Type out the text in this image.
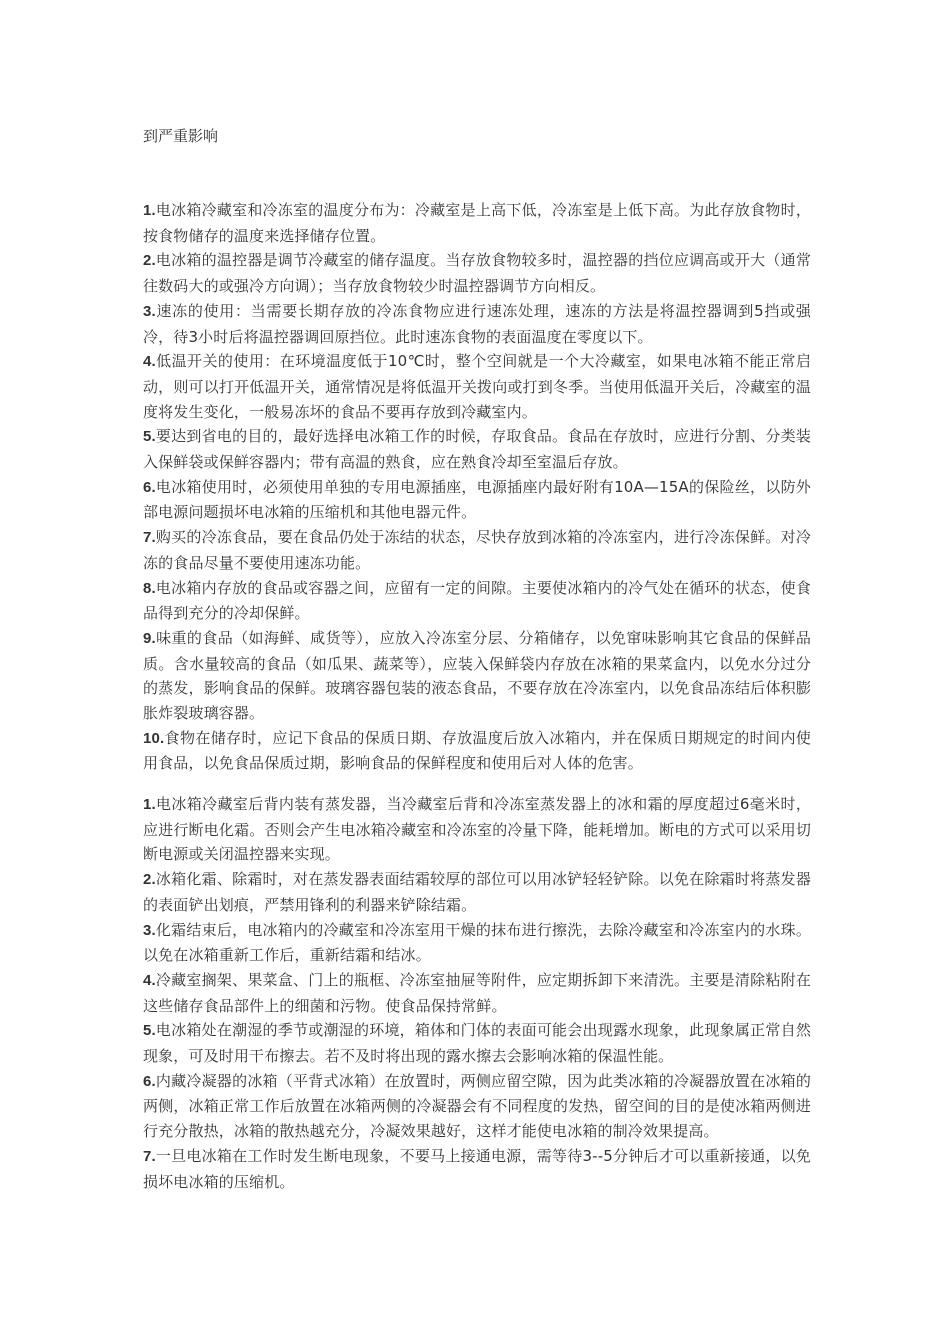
到严重影响

1.电冰箱冷藏室和冷冻室的温度分布为：冷藏室是上高下低，冷冻室是上低下高。为此存放食物时，按食物储存的温度来选择储存位置。

2.电冰箱的温控器是调节冷藏室的储存温度。当存放食物较多时，温控器的挡位应调高或开大（通常往数码大的或强冷方向调）；当存放食物较少时温控器调节方向相反。

3.速冻的使用：当需要长期存放的冷冻食物应进行速冻处理，速冻的方法是将温控器调到5挡或强冷，待3小时后将温控器调回原挡位。此时速冻食物的表面温度在零度以下。

4.低温开关的使用：在环境温度低于10℃时，整个空间就是一个大冷藏室，如果电冰箱不能正常启动，则可以打开低温开关，通常情况是将低温开关拨向或打到冬季。当使用低温开关后，冷藏室的温度将发生变化，一般易冻坏的食品不要再存放到冷藏室内。

5.要达到省电的目的，最好选择电冰箱工作的时候，存取食品。食品在存放时，应进行分割、分类装入保鲜袋或保鲜容器内；带有高温的熟食，应在熟食冷却至室温后存放。

6.电冰箱使用时，必须使用单独的专用电源插座，电源插座内最好附有10A—15A的保险丝，以防外部电源问题损坏电冰箱的压缩机和其他电器元件。

7.购买的冷冻食品，要在食品仍处于冻结的状态，尽快存放到冰箱的冷冻室内，进行冷冻保鲜。对冷冻的食品尽量不要使用速冻功能。

8.电冰箱内存放的食品或容器之间，应留有一定的间隙。主要使冰箱内的冷气处在循环的状态，使食品得到充分的冷却保鲜。

9.味重的食品（如海鲜、咸货等），应放入冷冻室分层、分箱储存，以免窜味影响其它食品的保鲜品质。含水量较高的食品（如瓜果、蔬菜等），应装入保鲜袋内存放在冰箱的果菜盒内，以免水分过分的蒸发，影响食品的保鲜。玻璃容器包装的液态食品，不要存放在冷冻室内，以免食品冻结后体积膨胀炸裂玻璃容器。

10.食物在储存时，应记下食品的保质日期、存放温度后放入冰箱内，并在保质日期规定的时间内使用食品，以免食品保质过期，影响食品的保鲜程度和使用后对人体的危害。

1.电冰箱冷藏室后背内装有蒸发器，当冷藏室后背和冷冻室蒸发器上的冰和霜的厚度超过6毫米时，应进行断电化霜。否则会产生电冰箱冷藏室和冷冻室的冷量下降，能耗增加。断电的方式可以采用切断电源或关闭温控器来实现。

2.冰箱化霜、除霜时，对在蒸发器表面结霜较厚的部位可以用冰铲轻轻铲除。以免在除霜时将蒸发器的表面铲出划痕，严禁用锋利的利器来铲除结霜。

3.化霜结束后，电冰箱内的冷藏室和冷冻室用干燥的抹布进行擦洗，去除冷藏室和冷冻室内的水珠。以免在冰箱重新工作后，重新结霜和结冰。

4.冷藏室搁架、果菜盒、门上的瓶框、冷冻室抽屉等附件，应定期拆卸下来清洗。主要是清除粘附在这些储存食品部件上的细菌和污物。使食品保持常鲜。

5.电冰箱处在潮湿的季节或潮湿的环境，箱体和门体的表面可能会出现露水现象，此现象属正常自然现象，可及时用干布擦去。若不及时将出现的露水擦去会影响冰箱的保温性能。

6.内藏冷凝器的冰箱（平背式冰箱）在放置时，两侧应留空隙，因为此类冰箱的冷凝器放置在冰箱的两侧，冰箱正常工作后放置在冰箱两侧的冷凝器会有不同程度的发热，留空间的目的是使冰箱两侧进行充分散热，冰箱的散热越充分，冷凝效果越好，这样才能使电冰箱的制冷效果提高。

7.一旦电冰箱在工作时发生断电现象，不要马上接通电源，需等待3--5分钟后才可以重新接通，以免损坏电冰箱的压缩机。
